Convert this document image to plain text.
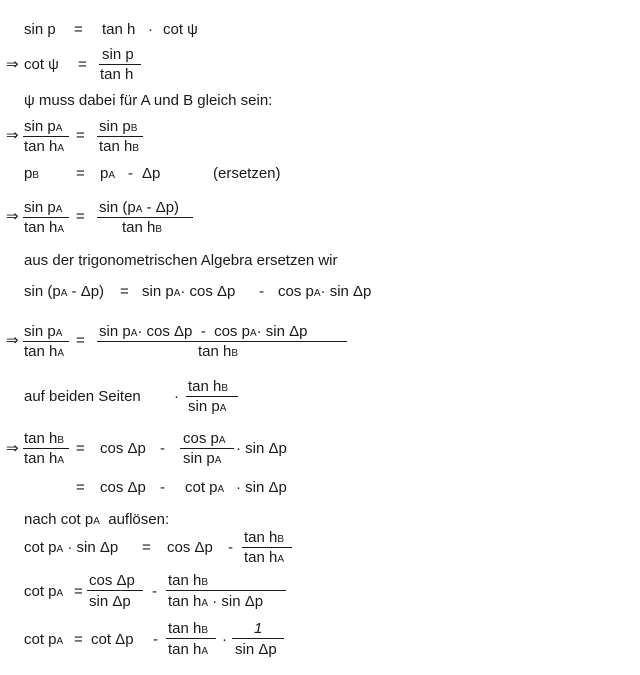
sin p = tan h · cot ψ
⇒ cot ψ =
sin p
tan h
ψ muss dabei für A und B gleich sein:
⇒
sin pA
tan hA
=
sin pB
tan hB
pB = pA - Δp	(ersetzen)
⇒
sin pA
tan hA
=
sin (pA - Δp)
tan hB
aus der trigonometrischen Algebra ersetzen wir
sin (pA - Δp) = sin pA· cos Δp - cos pA· sin Δp
⇒
sin pA
tan hA
=
sin pA· cos Δp - cos pA· sin Δp
tan hB
auf beiden Seiten ·
tan hB
sin pA
⇒
tan hB
tan hA
= cos Δp -
cos pA
sin pA
· sin Δp
= cos Δp - cot pA · sin Δp
nach cot pA auflösen:
cot pA · sin Δp = cos Δp -
tan hB
tan hA
cot pA =
cos Δp
sin Δp
-
tan hB
tan hA · sin Δp
cot pA = cot Δp -
tan hB
tan hA
·
1
sin Δp
